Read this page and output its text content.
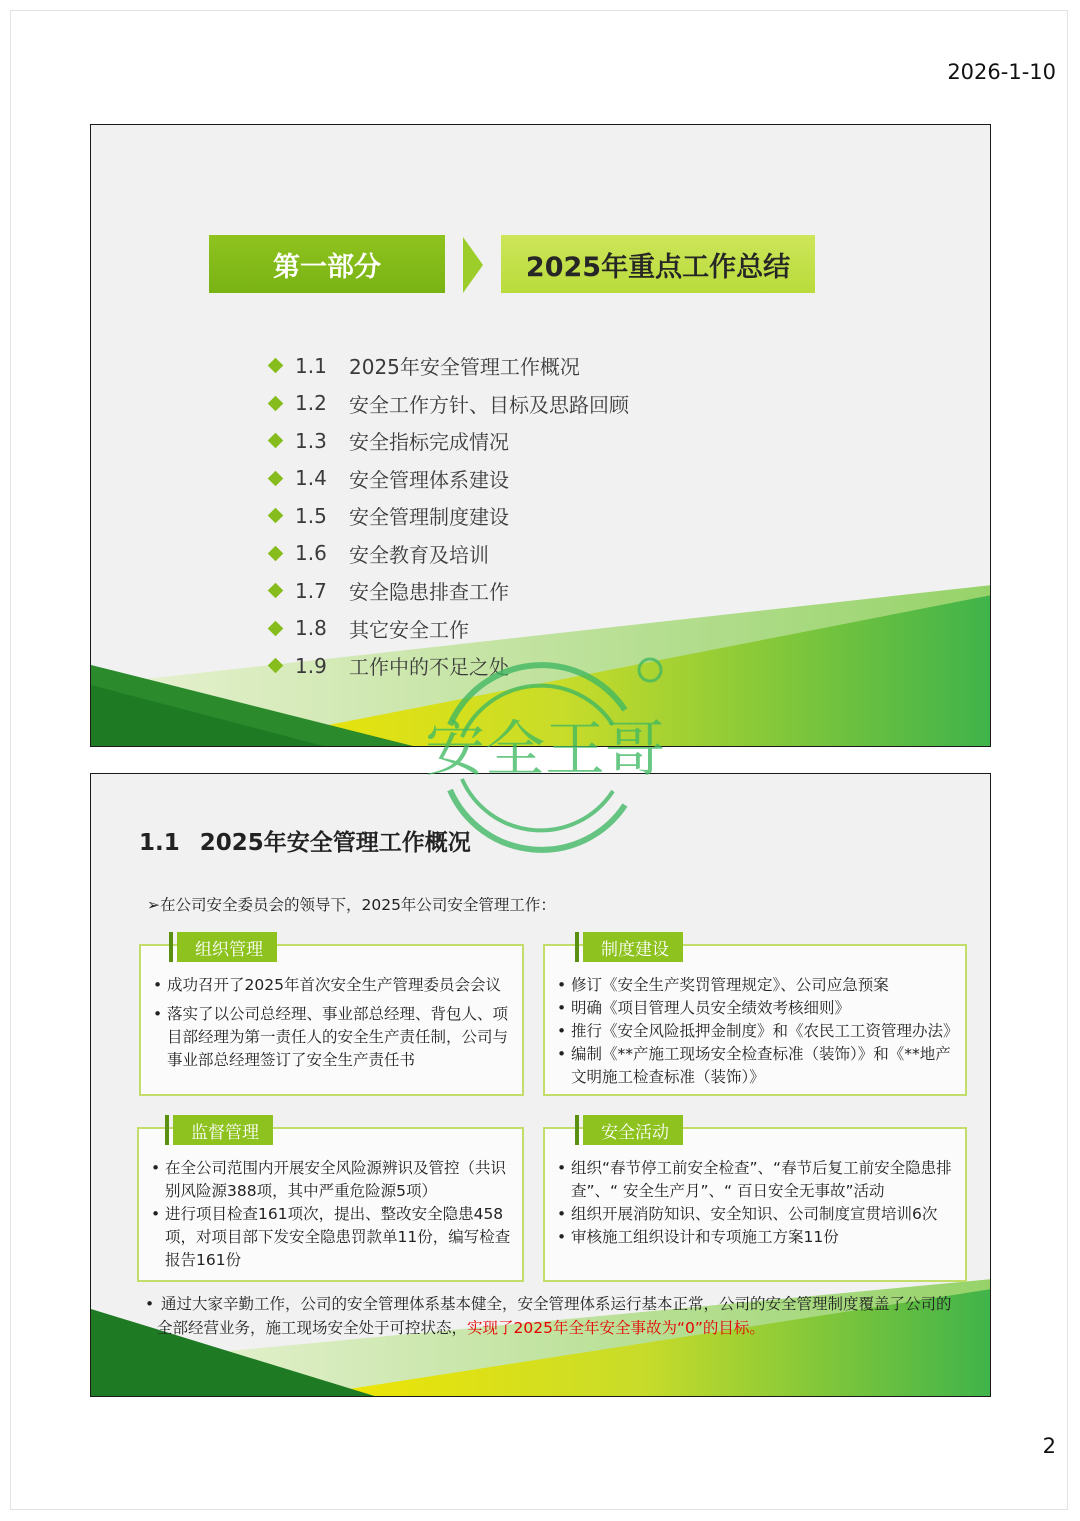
2026-1-10
第一部分	2025年重点工作总结
1.1	2025年安全管理工作概况
1.2	安全工作方针、目标及思路回顾
1.3	安全指标完成情况
1.4	安全管理体系建设
1.5	安全管理制度建设
1.6	安全教育及培训
1.7	安全隐患排查工作
1.8	其它安全工作
1.9	工作中的不足之处
1.1 2025年安全管理工作概况
➢在公司安全委员会的领导下，2025年公司安全管理工作：
组织管理
• 成功召开了2025年首次安全生产管理委员会会议
• 落实了以公司总经理、事业部总经理、背包人、项目部经理为第一责任人的安全生产责任制，公司与事业部总经理签订了安全生产责任书
制度建设
• 修订《安全生产奖罚管理规定》、公司应急预案
• 明确《项目管理人员安全绩效考核细则》
• 推行《安全风险抵押金制度》和《农民工工资管理办法》
• 编制《**产施工现场安全检查标准（装饰）》和《**地产文明施工检查标准（装饰）》
监督管理
• 在全公司范围内开展安全风险源辨识及管控（共识别风险源388项，其中严重危险源5项）
• 进行项目检查161项次，提出、整改安全隐患458项，对项目部下发安全隐患罚款单11份，编写检查报告161份
安全活动
• 组织“春节停工前安全检查”、“春节后复工前安全隐患排查”、“ 安全生产月”、“ 百日安全无事故”活动
• 组织开展消防知识、安全知识、公司制度宣贯培训6次
• 审核施工组织设计和专项施工方案11份
• 通过大家辛勤工作，公司的安全管理体系基本健全，安全管理体系运行基本正常，公司的安全管理制度覆盖了公司的全部经营业务，施工现场安全处于可控状态，实现了2025年全年安全事故为“0”的目标。
安全王哥
2
